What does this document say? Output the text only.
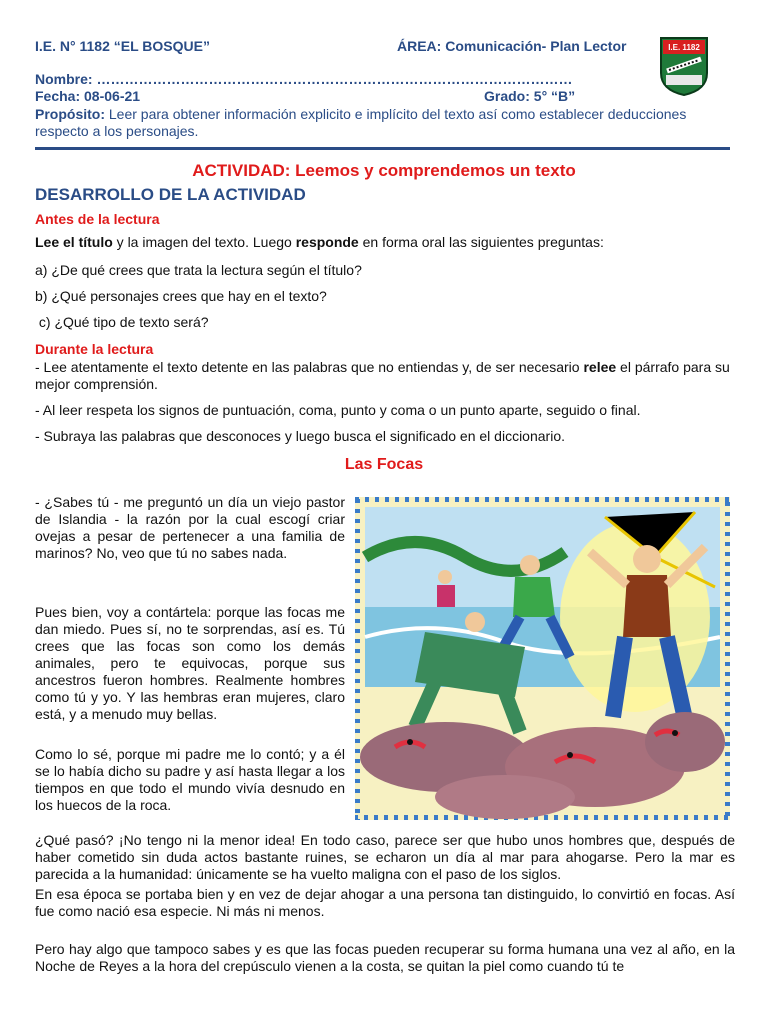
I.E. N° 1182 “EL BOSQUE”	ÁREA: Comunicación- Plan Lector
Nombre: …………………………………………………………………………………………
Fecha: 08-06-21	Grado: 5° “B”
Propósito: Leer para obtener información explicito e implícito del texto así como establecer deducciones respecto a los personajes.
I.E. 1182
ACTIVIDAD: Leemos y comprendemos un texto
DESARROLLO DE LA ACTIVIDAD
Antes de la lectura
Lee el título y la imagen del texto. Luego responde en forma oral las siguientes preguntas:
a) ¿De qué crees que trata la lectura según el título?
b) ¿Qué personajes crees que hay en el texto?
c) ¿Qué tipo de texto será?
Durante la lectura
- Lee atentamente el texto detente en las palabras que no entiendas y, de ser necesario relee el párrafo para su mejor comprensión.
- Al leer respeta los signos de puntuación, coma, punto y coma o un punto aparte, seguido o final.
- Subraya las palabras que desconoces y luego busca el significado en el diccionario.
Las Focas
- ¿Sabes tú - me preguntó un día un viejo pastor de Islandia - la razón por la cual escogí criar ovejas a pesar de pertenecer a una familia de marinos? No, veo que tú no sabes nada.
Pues bien, voy a contártela: porque las focas me dan miedo. Pues sí, no te sorprendas, así es. Tú crees que las focas son como los demás animales, pero te equivocas, porque sus ancestros fueron hombres. Realmente hombres como tú y yo. Y las hembras eran mujeres, claro está, y a menudo muy bellas.
Como lo sé, porque mi padre me lo contó; y a él se lo había dicho su padre y así hasta llegar a los tiempos en que todo el mundo vivía desnudo en los huecos de la roca.
¿Qué pasó? ¡No tengo ni la menor idea! En todo caso, parece ser que hubo unos hombres que, después de haber cometido sin duda actos bastante ruines, se echaron un día al mar para ahogarse. Pero la mar es parecida a la humanidad: únicamente se ha vuelto maligna con el paso de los siglos.
En esa época se portaba bien y en vez de dejar ahogar a una persona tan distinguido, lo convirtió en focas. Así fue como nació esa especie. Ni más ni menos.
Pero hay algo que tampoco sabes y es que las focas pueden recuperar su forma humana una vez al año, en la Noche de Reyes a la hora del crepúsculo vienen a la costa, se quitan la piel como cuando tú te
